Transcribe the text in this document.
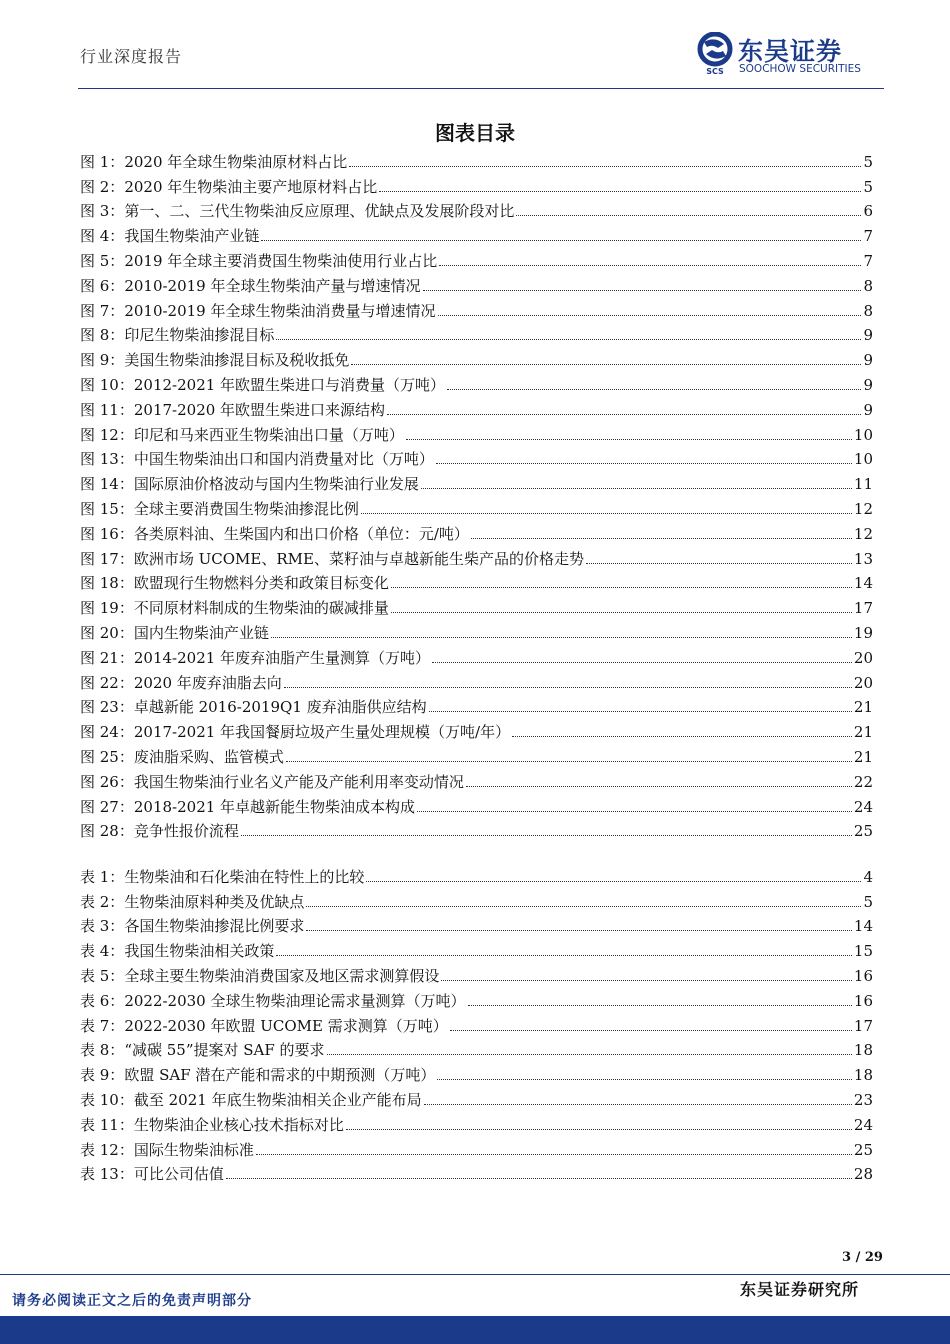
行业深度报告
SCS
东吴证券
SOOCHOW SECURITIES
图表目录
图 1： 2020 年全球生物柴油原材料占比	5
图 2： 2020 年生物柴油主要产地原材料占比	5
图 3： 第一、二、三代生物柴油反应原理、优缺点及发展阶段对比	6
图 4： 我国生物柴油产业链	7
图 5： 2019 年全球主要消费国生物柴油使用行业占比	7
图 6： 2010-2019 年全球生物柴油产量与增速情况	8
图 7： 2010-2019 年全球生物柴油消费量与增速情况	8
图 8： 印尼生物柴油掺混目标	9
图 9： 美国生物柴油掺混目标及税收抵免	9
图 10： 2012-2021 年欧盟生柴进口与消费量（万吨）	9
图 11： 2017-2020 年欧盟生柴进口来源结构	9
图 12： 印尼和马来西亚生物柴油出口量（万吨）	10
图 13： 中国生物柴油出口和国内消费量对比（万吨）	10
图 14： 国际原油价格波动与国内生物柴油行业发展	11
图 15： 全球主要消费国生物柴油掺混比例	12
图 16： 各类原料油、生柴国内和出口价格（单位：元/吨）	12
图 17： 欧洲市场 UCOME、RME、菜籽油与卓越新能生柴产品的价格走势	13
图 18： 欧盟现行生物燃料分类和政策目标变化	14
图 19： 不同原材料制成的生物柴油的碳减排量	17
图 20： 国内生物柴油产业链	19
图 21： 2014-2021 年废弃油脂产生量测算（万吨）	20
图 22： 2020 年废弃油脂去向	20
图 23： 卓越新能 2016-2019Q1 废弃油脂供应结构	21
图 24： 2017-2021 年我国餐厨垃圾产生量处理规模（万吨/年）	21
图 25： 废油脂采购、监管模式	21
图 26： 我国生物柴油行业名义产能及产能利用率变动情况	22
图 27： 2018-2021 年卓越新能生物柴油成本构成	24
图 28： 竞争性报价流程	25
表 1： 生物柴油和石化柴油在特性上的比较	4
表 2： 生物柴油原料种类及优缺点	5
表 3： 各国生物柴油掺混比例要求	14
表 4： 我国生物柴油相关政策	15
表 5： 全球主要生物柴油消费国家及地区需求测算假设	16
表 6： 2022-2030 全球生物柴油理论需求量测算（万吨）	16
表 7： 2022-2030 年欧盟 UCOME 需求测算（万吨）	17
表 8： “减碳 55”提案对 SAF 的要求	18
表 9： 欧盟 SAF 潜在产能和需求的中期预测（万吨）	18
表 10： 截至 2021 年底生物柴油相关企业产能布局	23
表 11： 生物柴油企业核心技术指标对比	24
表 12： 国际生物柴油标准	25
表 13： 可比公司估值	28
3 / 29
请务必阅读正文之后的免责声明部分
东吴证券研究所
